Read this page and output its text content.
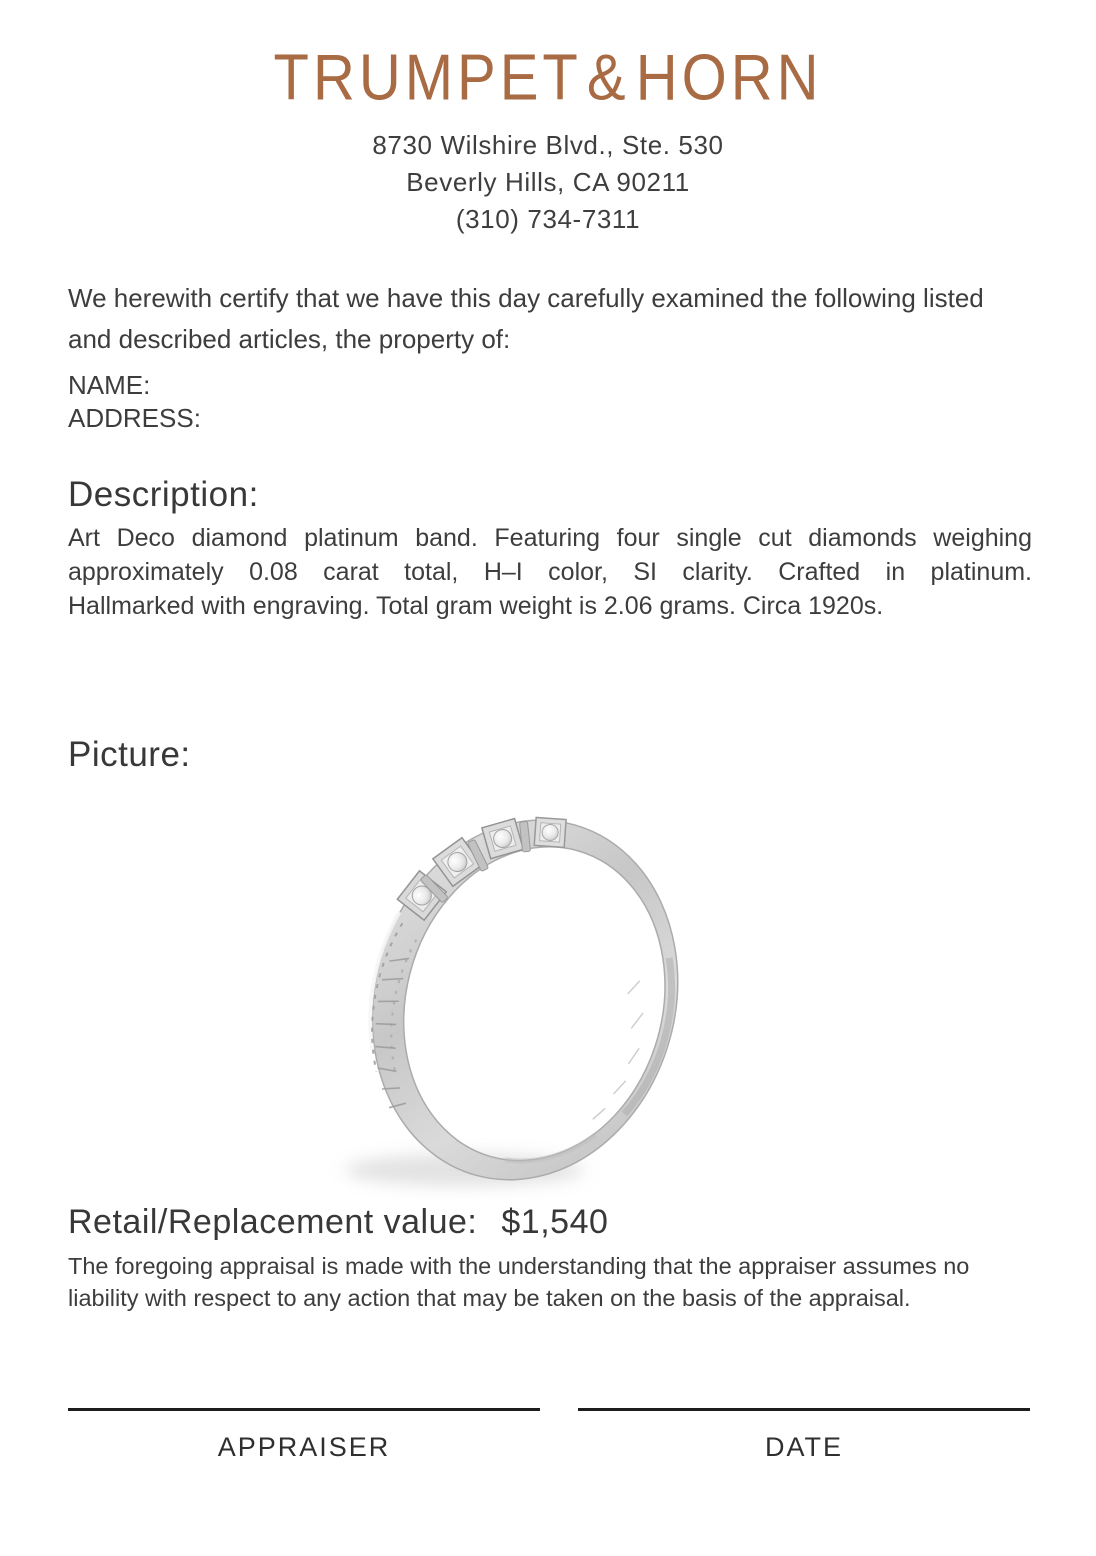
TRUMPET & HORN
8730 Wilshire Blvd., Ste. 530
Beverly Hills, CA 90211
(310) 734-7311
We herewith certify that we have this day carefully examined the following listed and described articles, the property of:
NAME:
ADDRESS:
Description:
Art Deco diamond platinum band. Featuring four single cut diamonds weighing
approximately 0.08 carat total, H–I color, SI clarity. Crafted in platinum.
Hallmarked with engraving. Total gram weight is 2.06 grams. Circa 1920s.
Picture:
Retail/Replacement value: $1,540
The foregoing appraisal is made with the understanding that the appraiser assumes no
liability with respect to any action that may be taken on the basis of the appraisal.
APPRAISER	DATE
